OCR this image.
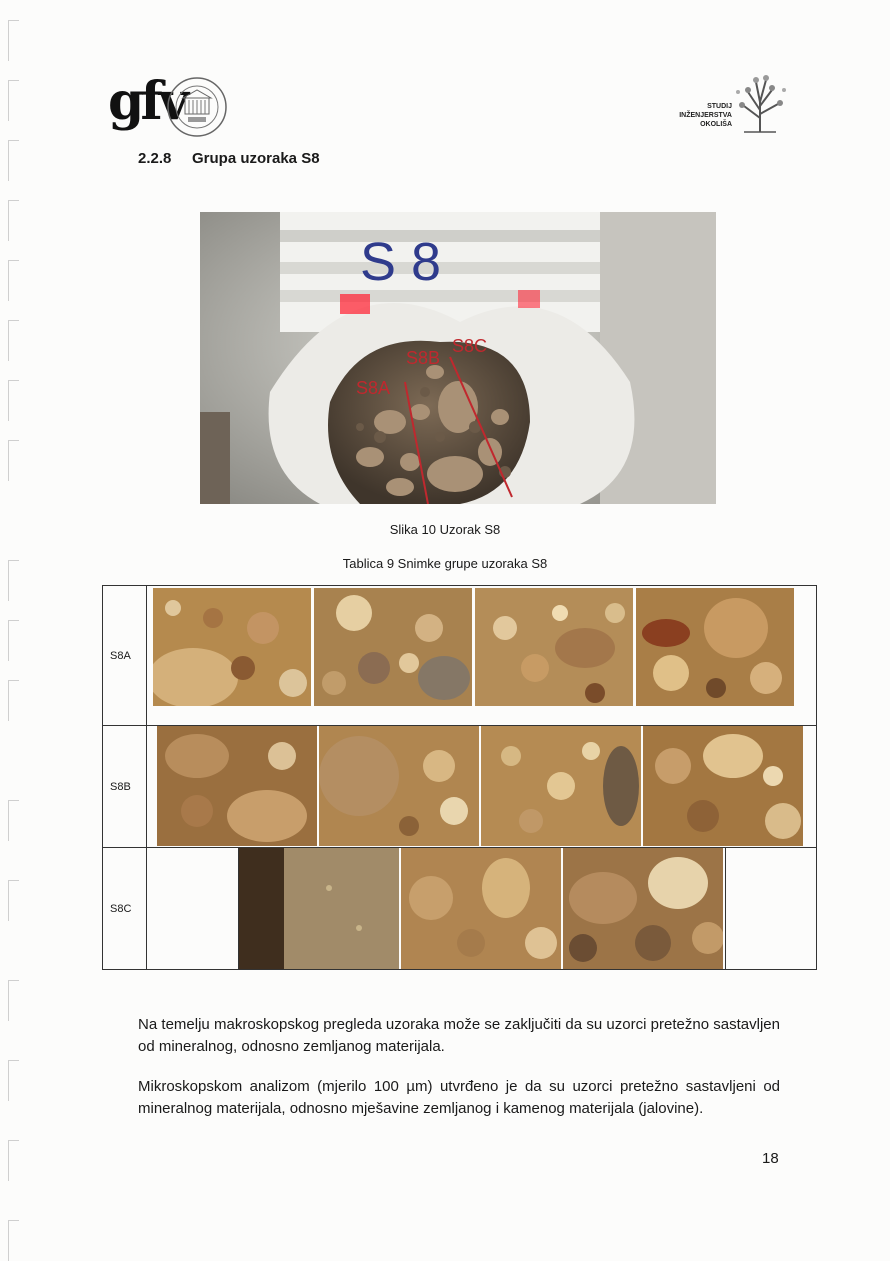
gfv	STUDIJ
INŽENJERSTVA
OKOLIŠA
2.2.8 Grupa uzoraka S8
S 8
S8A
S8B
S8C
Slika 10 Uzorak S8
Tablica 9 Snimke grupe uzoraka S8
S8A
S8B
S8C

Na temelju makroskopskog pregleda uzoraka može se zaključiti da su uzorci pretežno sastavljen od mineralnog, odnosno zemljanog materijala.

Mikroskopskom analizom (mjerilo 100 µm) utvrđeno je da su uzorci pretežno sastavljeni od mineralnog materijala, odnosno mješavine zemljanog i kamenog materijala (jalovine).

18
